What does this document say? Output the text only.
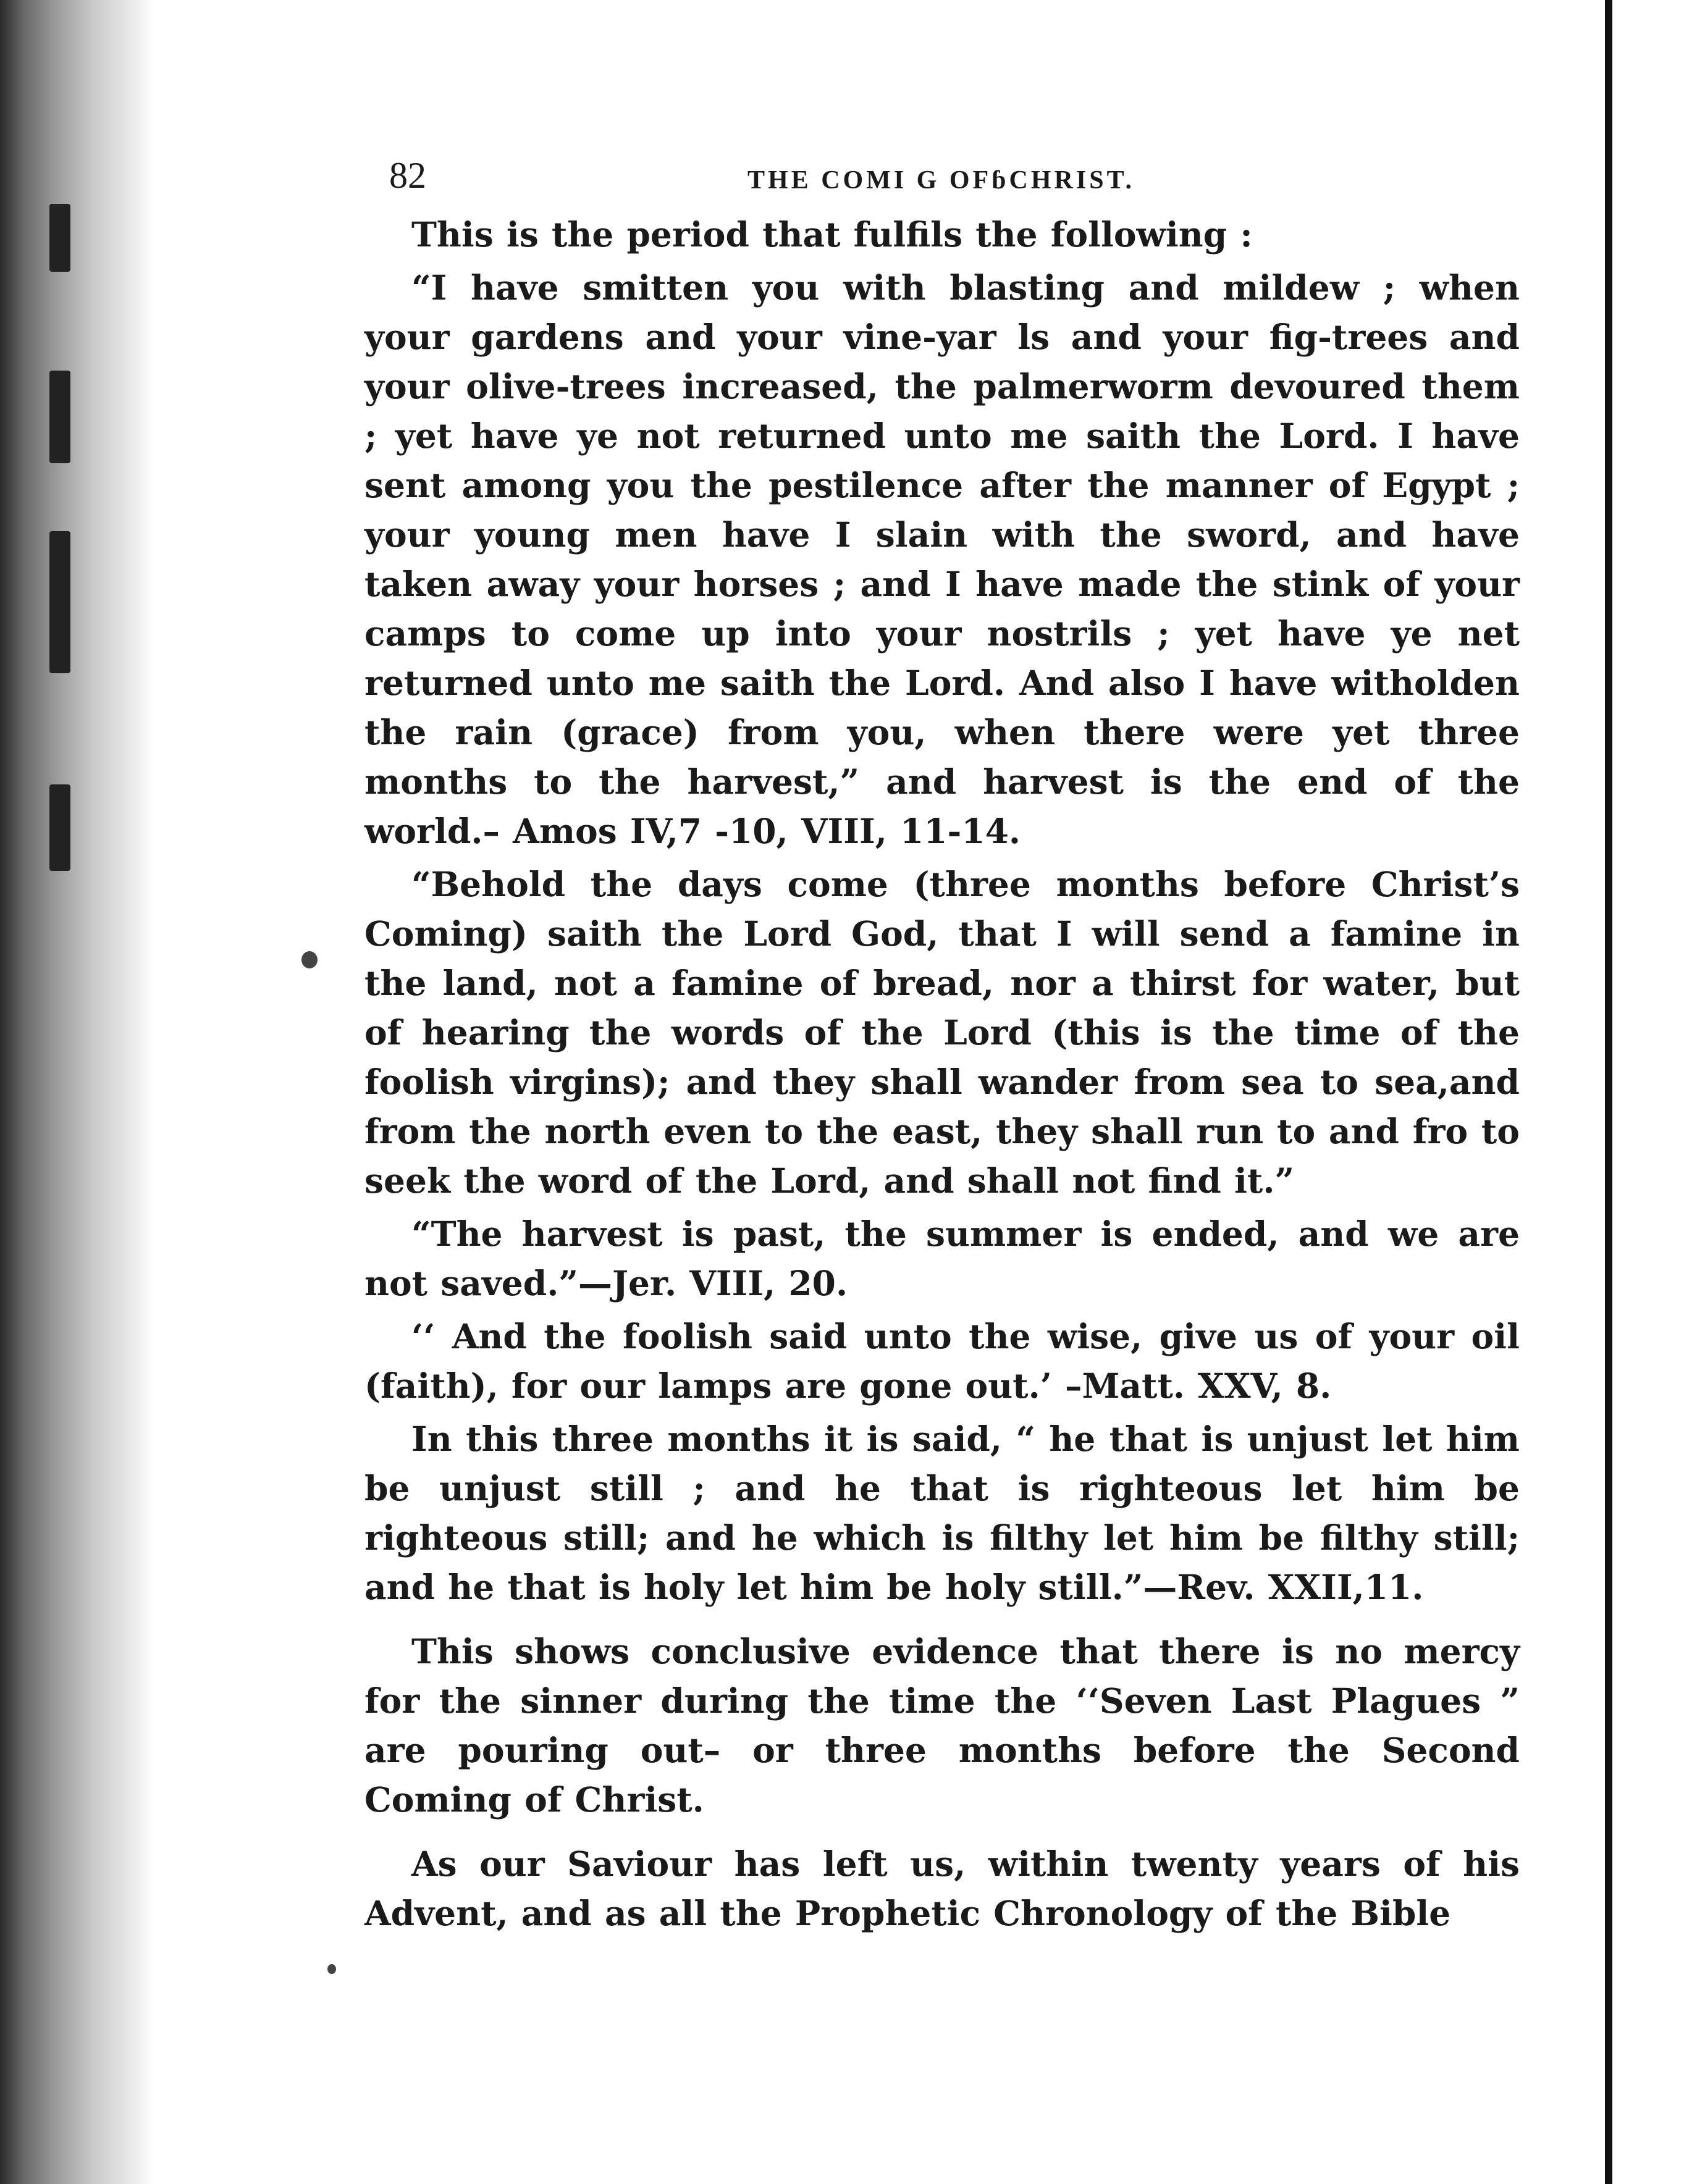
82	THE COMI G OFɓCHRIST.

This is the period that fulfils the following :

“I have smitten you with blasting and mildew ; when your gardens and your vine-yar ls and your fig-trees and your olive-trees increased, the palmerworm devoured them ; yet have ye not returned unto me saith the Lord. I have sent among you the pestilence after the manner of Egypt ; your young men have I slain with the sword, and have taken away your horses ; and I have made the stink of your camps to come up into your nostrils ; yet have ye net returned unto me saith the Lord. And also I have witholden the rain (grace) from you, when there were yet three months to the harvest,” and harvest is the end of the world.– Amos IV,7 -10, VIII, 11-14.

“Behold the days come (three months before Christ’s Coming) saith the Lord God, that I will send a famine in the land, not a famine of bread, nor a thirst for water, but of hearing the words of the Lord (this is the time of the foolish virgins); and they shall wander from sea to sea,and from the north even to the east, they shall run to and fro to seek the word of the Lord, and shall not find it.”

“The harvest is past, the summer is ended, and we are not saved.”—Jer. VIII, 20.

‘‘ And the foolish said unto the wise, give us of your oil (faith), for our lamps are gone out.’ –Matt. XXV, 8.

In this three months it is said, “ he that is unjust let him be unjust still ; and he that is righteous let him be righteous still; and he which is filthy let him be filthy still; and he that is holy let him be holy still.”—Rev. XXII,11.

This shows conclusive evidence that there is no mercy for the sinner during the time the ‘‘Seven Last Plagues ” are pouring out– or three months before the Second Coming of Christ.

As our Saviour has left us, within twenty years of his Advent, and as all the Prophetic Chronology of the Bible
